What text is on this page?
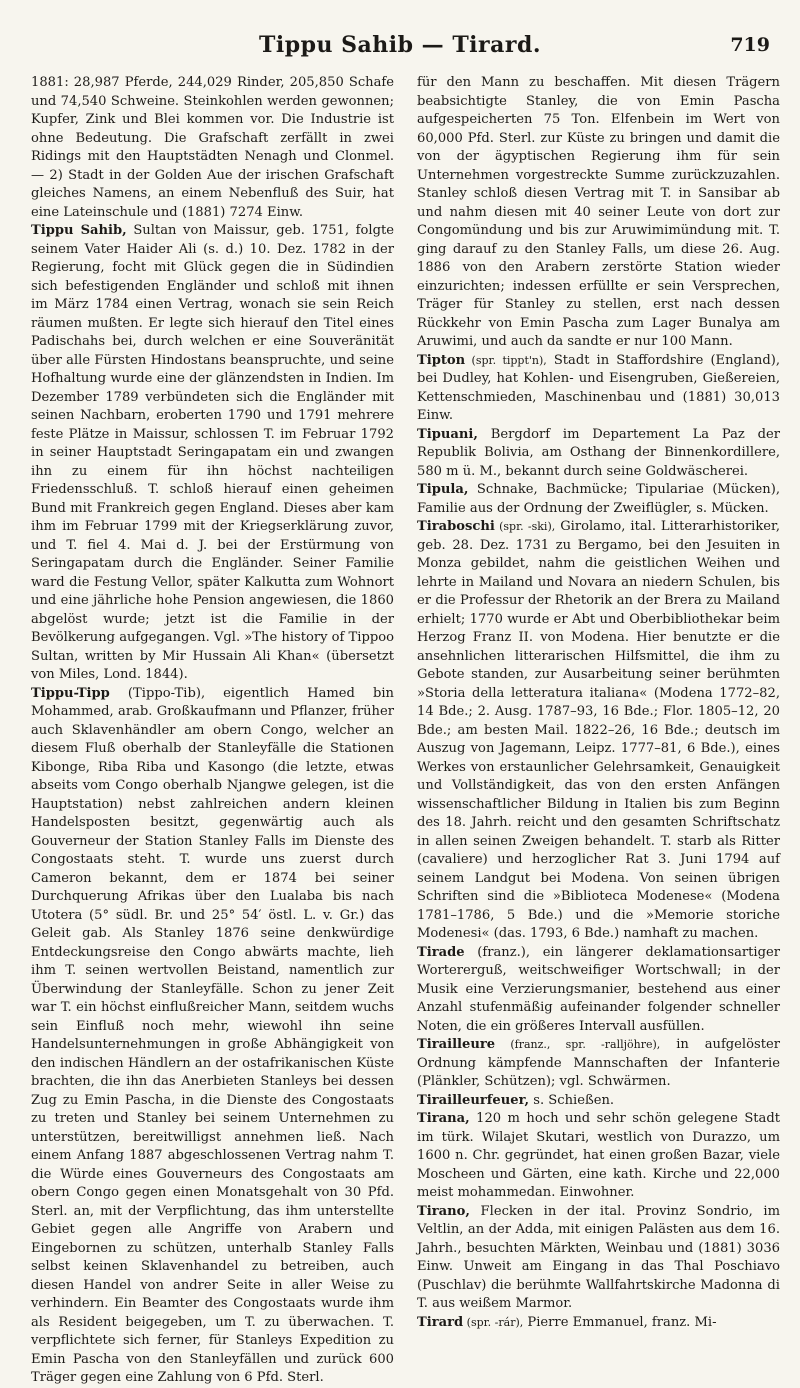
Tippu Sahib — Tirard.	719

1881: 28,987 Pferde, 244,029 Rinder, 205,850 Schafe und 74,540 Schweine. Steinkohlen werden gewonnen; Kupfer, Zink und Blei kommen vor. Die Industrie ist ohne Bedeutung. Die Grafschaft zerfällt in zwei Ridings mit den Hauptstädten Nenagh und Clonmel. — 2) Stadt in der Golden Aue der irischen Grafschaft gleiches Namens, an einem Nebenfluß des Suir, hat eine Lateinschule und (1881) 7274 Einw.

Tippu Sahib, Sultan von Maissur, geb. 1751, folgte seinem Vater Haider Ali (s. d.) 10. Dez. 1782 in der Regierung, focht mit Glück gegen die in Südindien sich befestigenden Engländer und schloß mit ihnen im März 1784 einen Vertrag, wonach sie sein Reich räumen mußten. Er legte sich hierauf den Titel eines Padischahs bei, durch welchen er eine Souveränität über alle Fürsten Hindostans beanspruchte, und seine Hofhaltung wurde eine der glänzendsten in Indien. Im Dezember 1789 verbündeten sich die Engländer mit seinen Nachbarn, eroberten 1790 und 1791 mehrere feste Plätze in Maissur, schlossen T. im Februar 1792 in seiner Hauptstadt Seringapatam ein und zwangen ihn zu einem für ihn höchst nachteiligen Friedensschluß. T. schloß hierauf einen geheimen Bund mit Frankreich gegen England. Dieses aber kam ihm im Februar 1799 mit der Kriegserklärung zuvor, und T. fiel 4. Mai d. J. bei der Erstürmung von Seringapatam durch die Engländer. Seiner Familie ward die Festung Vellor, später Kalkutta zum Wohnort und eine jährliche hohe Pension angewiesen, die 1860 abgelöst wurde; jetzt ist die Familie in der Bevölkerung aufgegangen. Vgl. »The history of Tippoo Sultan, written by Mir Hussain Ali Khan« (übersetzt von Miles, Lond. 1844).

Tippu-Tipp (Tippo-Tib), eigentlich Hamed bin Mohammed, arab. Großkaufmann und Pflanzer, früher auch Sklavenhändler am obern Congo, welcher an diesem Fluß oberhalb der Stanleyfälle die Stationen Kibonge, Riba Riba und Kasongo (die letzte, etwas abseits vom Congo oberhalb Njangwe gelegen, ist die Hauptstation) nebst zahlreichen andern kleinen Handelsposten besitzt, gegenwärtig auch als Gouverneur der Station Stanley Falls im Dienste des Congostaats steht. T. wurde uns zuerst durch Cameron bekannt, dem er 1874 bei seiner Durchquerung Afrikas über den Lualaba bis nach Utotera (5° südl. Br. und 25° 54′ östl. L. v. Gr.) das Geleit gab. Als Stanley 1876 seine denkwürdige Entdeckungsreise den Congo abwärts machte, lieh ihm T. seinen wertvollen Beistand, namentlich zur Überwindung der Stanleyfälle. Schon zu jener Zeit war T. ein höchst einflußreicher Mann, seitdem wuchs sein Einfluß noch mehr, wiewohl ihn seine Handelsunternehmungen in große Abhängigkeit von den indischen Händlern an der ostafrikanischen Küste brachten, die ihn das Anerbieten Stanleys bei dessen Zug zu Emin Pascha, in die Dienste des Congostaats zu treten und Stanley bei seinem Unternehmen zu unterstützen, bereitwilligst annehmen ließ. Nach einem Anfang 1887 abgeschlossenen Vertrag nahm T. die Würde eines Gouverneurs des Congostaats am obern Congo gegen einen Monatsgehalt von 30 Pfd. Sterl. an, mit der Verpflichtung, das ihm unterstellte Gebiet gegen alle Angriffe von Arabern und Eingebornen zu schützen, unterhalb Stanley Falls selbst keinen Sklavenhandel zu betreiben, auch diesen Handel von andrer Seite in aller Weise zu verhindern. Ein Beamter des Congostaats wurde ihm als Resident beigegeben, um T. zu überwachen. T. verpflichtete sich ferner, für Stanleys Expedition zu Emin Pascha von den Stanleyfällen und zurück 600 Träger gegen eine Zahlung von 6 Pfd. Sterl.

für den Mann zu beschaffen. Mit diesen Trägern beabsichtigte Stanley, die von Emin Pascha aufgespeicherten 75 Ton. Elfenbein im Wert von 60,000 Pfd. Sterl. zur Küste zu bringen und damit die von der ägyptischen Regierung ihm für sein Unternehmen vorgestreckte Summe zurückzuzahlen. Stanley schloß diesen Vertrag mit T. in Sansibar ab und nahm diesen mit 40 seiner Leute von dort zur Congomündung und bis zur Aruwimimündung mit. T. ging darauf zu den Stanley Falls, um diese 26. Aug. 1886 von den Arabern zerstörte Station wieder einzurichten; indessen erfüllte er sein Versprechen, Träger für Stanley zu stellen, erst nach dessen Rückkehr von Emin Pascha zum Lager Bunalya am Aruwimi, und auch da sandte er nur 100 Mann.

Tipton (spr. tippt'n), Stadt in Staffordshire (England), bei Dudley, hat Kohlen- und Eisengruben, Gießereien, Kettenschmieden, Maschinenbau und (1881) 30,013 Einw.

Tipuani, Bergdorf im Departement La Paz der Republik Bolivia, am Osthang der Binnenkordillere, 580 m ü. M., bekannt durch seine Goldwäscherei.

Tipula, Schnake, Bachmücke; Tipulariae (Mücken), Familie aus der Ordnung der Zweiflügler, s. Mücken.

Tiraboschi (spr. -ski), Girolamo, ital. Litterarhistoriker, geb. 28. Dez. 1731 zu Bergamo, bei den Jesuiten in Monza gebildet, nahm die geistlichen Weihen und lehrte in Mailand und Novara an niedern Schulen, bis er die Professur der Rhetorik an der Brera zu Mailand erhielt; 1770 wurde er Abt und Oberbibliothekar beim Herzog Franz II. von Modena. Hier benutzte er die ansehnlichen litterarischen Hilfsmittel, die ihm zu Gebote standen, zur Ausarbeitung seiner berühmten »Storia della letteratura italiana« (Modena 1772–82, 14 Bde.; 2. Ausg. 1787–93, 16 Bde.; Flor. 1805–12, 20 Bde.; am besten Mail. 1822–26, 16 Bde.; deutsch im Auszug von Jagemann, Leipz. 1777–81, 6 Bde.), eines Werkes von erstaunlicher Gelehrsamkeit, Genauigkeit und Vollständigkeit, das von den ersten Anfängen wissenschaftlicher Bildung in Italien bis zum Beginn des 18. Jahrh. reicht und den gesamten Schriftschatz in allen seinen Zweigen behandelt. T. starb als Ritter (cavaliere) und herzoglicher Rat 3. Juni 1794 auf seinem Landgut bei Modena. Von seinen übrigen Schriften sind die »Biblioteca Modenese« (Modena 1781–1786, 5 Bde.) und die »Memorie storiche Modenesi« (das. 1793, 6 Bde.) namhaft zu machen.

Tirade (franz.), ein längerer deklamationsartiger Wortererguß, weitschweifiger Wortschwall; in der Musik eine Verzierungsmanier, bestehend aus einer Anzahl stufenmäßig aufeinander folgender schneller Noten, die ein größeres Intervall ausfüllen.

Tirailleure (franz., spr. -ralljöhre), in aufgelöster Ordnung kämpfende Mannschaften der Infanterie (Plänkler, Schützen); vgl. Schwärmen.

Tirailleurfeuer, s. Schießen.

Tirana, 120 m hoch und sehr schön gelegene Stadt im türk. Wilajet Skutari, westlich von Durazzo, um 1600 n. Chr. gegründet, hat einen großen Bazar, viele Moscheen und Gärten, eine kath. Kirche und 22,000 meist mohammedan. Einwohner.

Tirano, Flecken in der ital. Provinz Sondrio, im Veltlin, an der Adda, mit einigen Palästen aus dem 16. Jahrh., besuchten Märkten, Weinbau und (1881) 3036 Einw. Unweit am Eingang in das Thal Poschiavo (Puschlav) die berühmte Wallfahrtskirche Madonna di T. aus weißem Marmor.

Tirard (spr. -rár), Pierre Emmanuel, franz. Mi-
